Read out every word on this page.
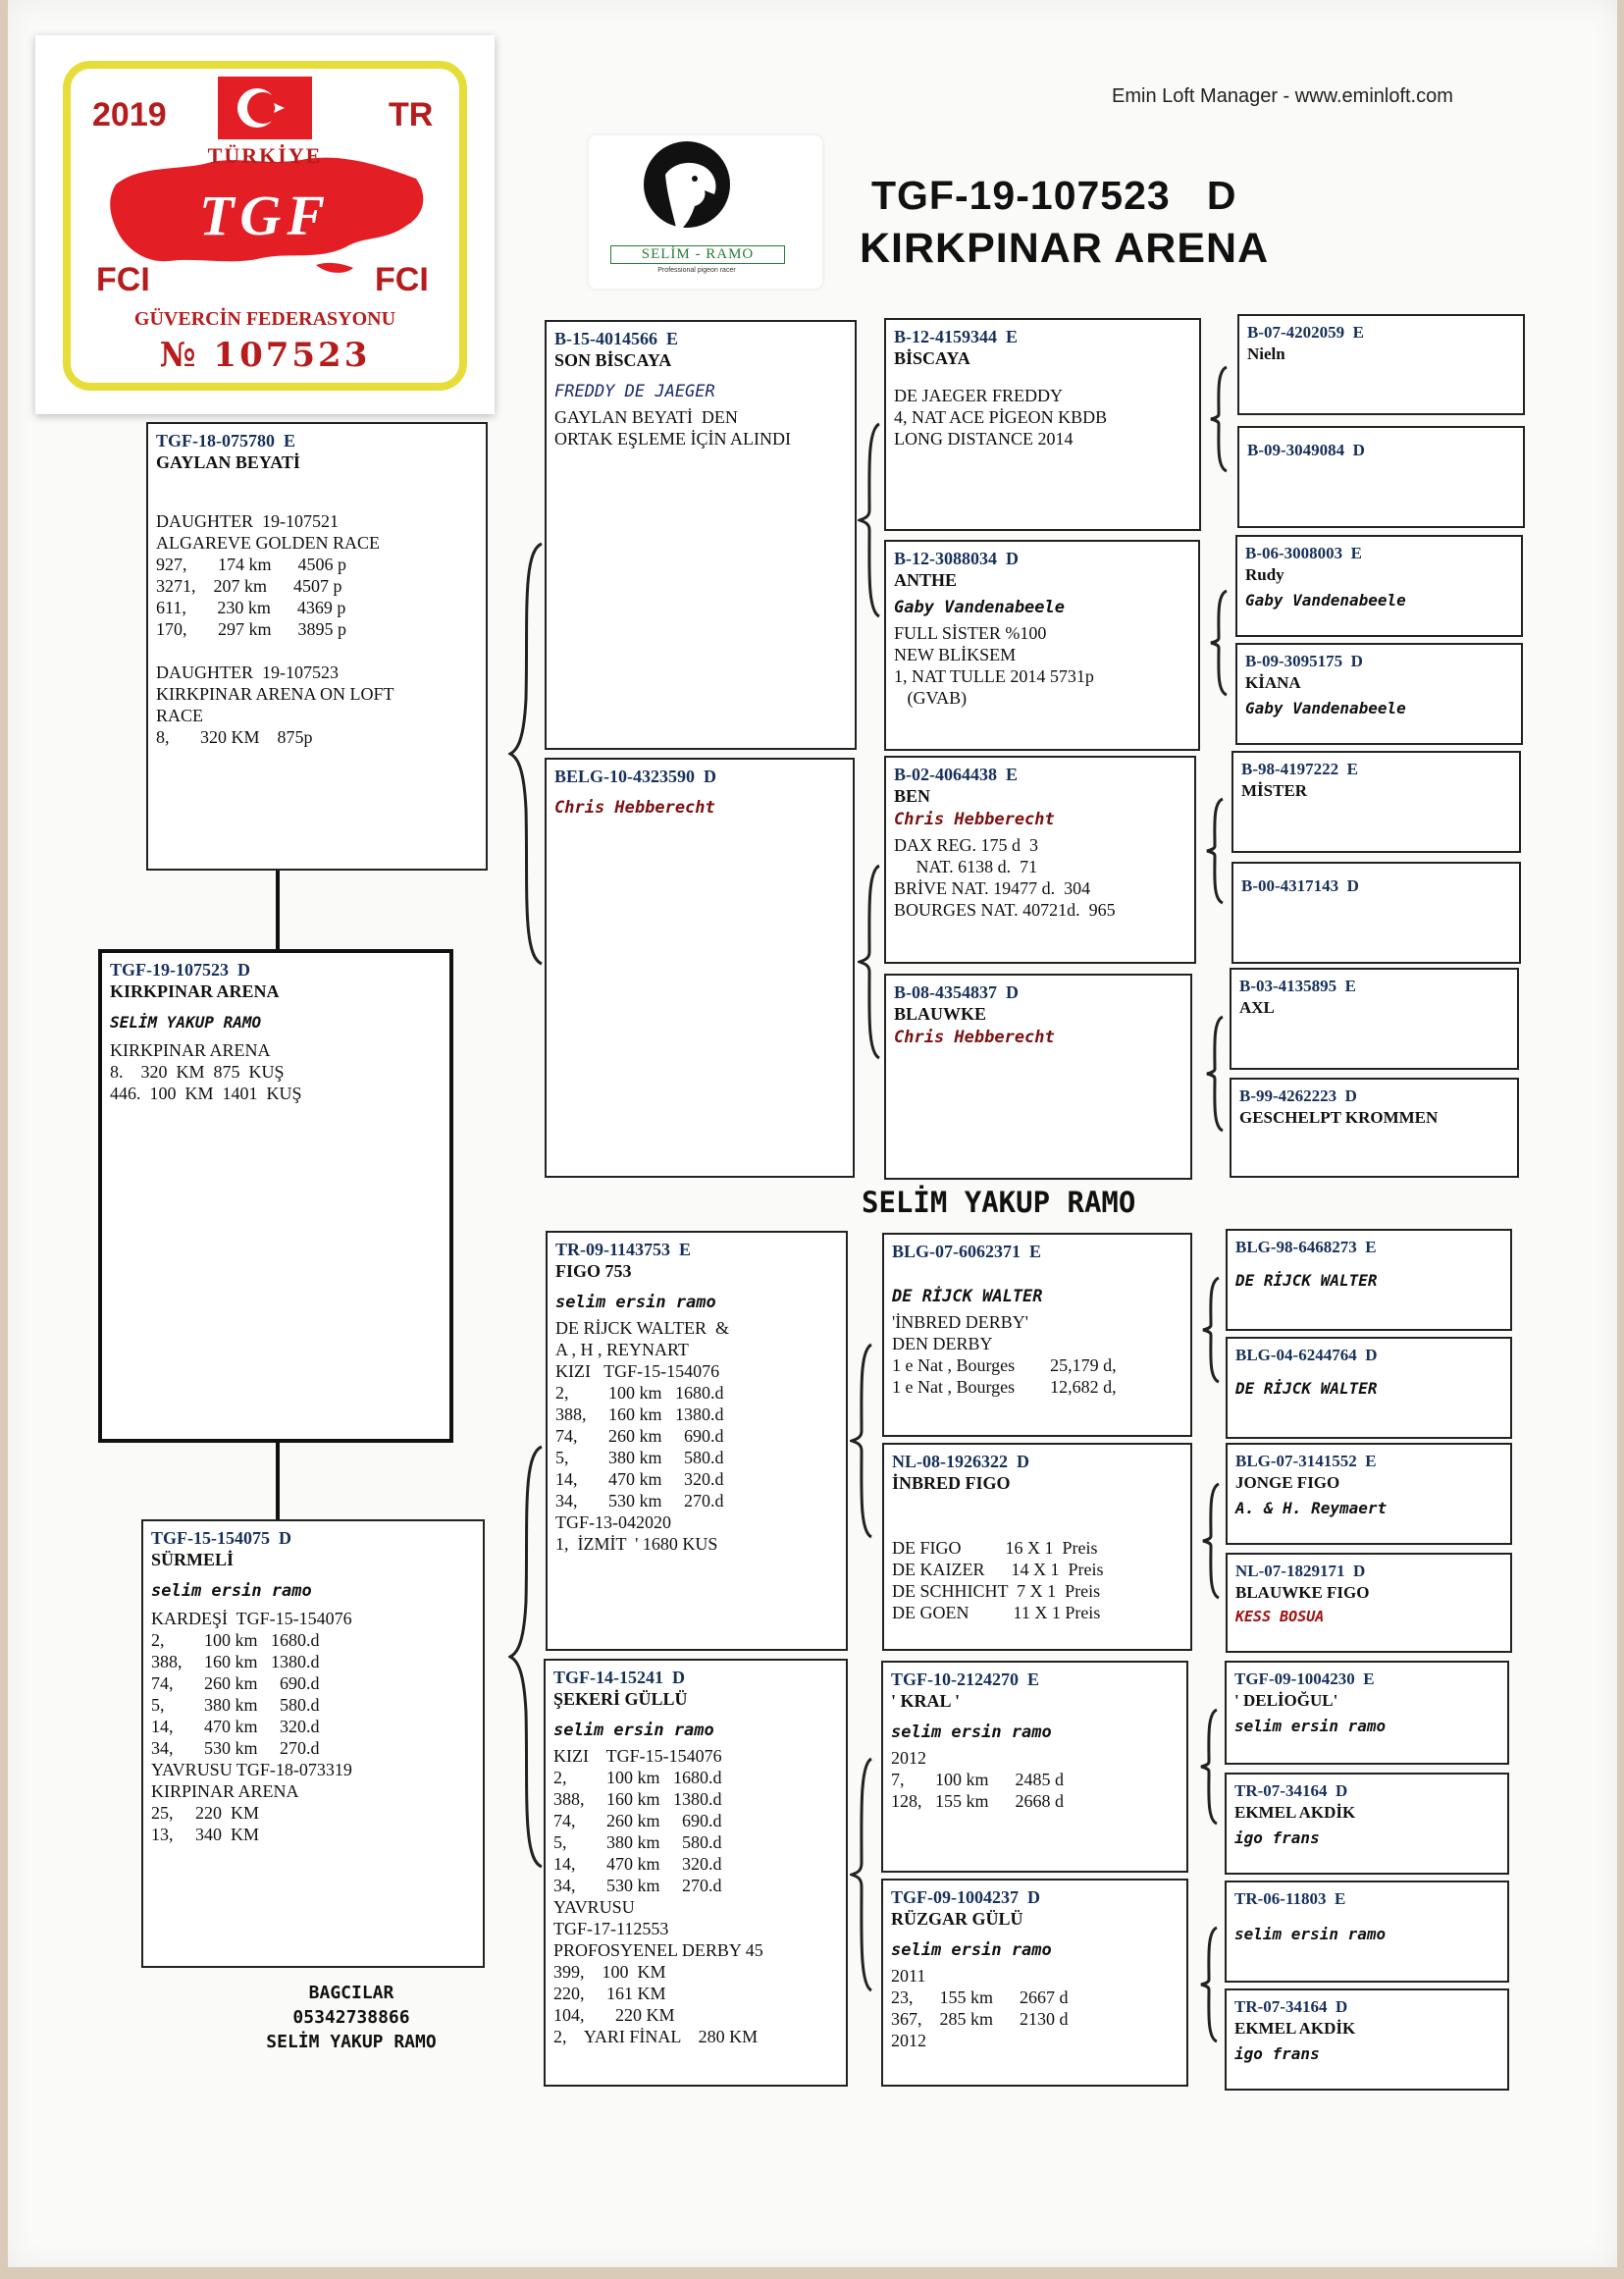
2019	TR
TÜRKİYE
TGF
FCI	FCI
GÜVERCİN FEDERASYONU
№ 107523
SELİM - RAMO
Professional pigeon racer
Emin Loft Manager - www.eminloft.com
TGF-19-107523   D
KIRKPINAR ARENA
TGF-18-075780  E
GAYLAN BEYATİ
DAUGHTER  19-107521
ALGAREVE GOLDEN RACE
927,       174 km      4506 p
3271,    207 km      4507 p
611,       230 km      4369 p
170,       297 km      3895 p

DAUGHTER  19-107523
KIRKPINAR ARENA ON LOFT
RACE
8,       320 KM    875p
TGF-19-107523  D
KIRKPINAR ARENA
SELİM YAKUP RAMO
KIRKPINAR ARENA
8.    320  KM  875  KUŞ
446.  100  KM  1401  KUŞ
TGF-15-154075  D
SÜRMELİ
selim ersin ramo
KARDEŞİ  TGF-15-154076
2,         100 km   1680.d
388,     160 km   1380.d
74,       260 km     690.d
5,         380 km     580.d
14,       470 km     320.d
34,       530 km     270.d
YAVRUSU TGF-18-073319
KIRPINAR ARENA
25,     220  KM
13,     340  KM
BAGCILAR
05342738866
SELİM YAKUP RAMO
B-15-4014566  E
SON BİSCAYA
FREDDY DE JAEGER
GAYLAN BEYATİ  DEN
ORTAK EŞLEME İÇİN ALINDI
BELG-10-4323590  D
Chris Hebberecht
SELİM YAKUP RAMO
TR-09-1143753  E
FIGO 753
selim ersin ramo
DE RİJCK WALTER  &
A , H , REYNART
KIZI   TGF-15-154076
2,         100 km   1680.d
388,     160 km   1380.d
74,       260 km     690.d
5,         380 km     580.d
14,       470 km     320.d
34,       530 km     270.d
TGF-13-042020
1,  İZMİT  ' 1680 KUS
TGF-14-15241  D
ŞEKERİ GÜLLÜ
selim ersin ramo
KIZI    TGF-15-154076
2,         100 km   1680.d
388,     160 km   1380.d
74,       260 km     690.d
5,         380 km     580.d
14,       470 km     320.d
34,       530 km     270.d
YAVRUSU
TGF-17-112553
PROFOSYENEL DERBY 45
399,    100  KM
220,     161 KM
104,       220 KM
2,    YARI FİNAL    280 KM
B-12-4159344  E
BİSCAYA
DE JAEGER FREDDY
4, NAT ACE PİGEON KBDB
LONG DISTANCE 2014
B-12-3088034  D
ANTHE
Gaby Vandenabeele
FULL SİSTER %100
NEW BLİKSEM
1, NAT TULLE 2014 5731p
(GVAB)
B-02-4064438  E
BEN
Chris Hebberecht
DAX REG. 175 d  3
NAT. 6138 d.  71
BRİVE NAT. 19477 d.  304
BOURGES NAT. 40721d.  965
B-08-4354837  D
BLAUWKE
Chris Hebberecht
BLG-07-6062371  E
DE RİJCK WALTER
'İNBRED DERBY'
DEN DERBY
1 e Nat , Bourges        25,179 d,
1 e Nat , Bourges        12,682 d,
NL-08-1926322  D
İNBRED FIGO
DE FIGO          16 X 1  Preis
DE KAIZER      14 X 1  Preis
DE SCHHICHT  7 X 1  Preis
DE GOEN          11 X 1 Preis
TGF-10-2124270  E
' KRAL '
selim ersin ramo
2012
7,       100 km      2485 d
128,   155 km      2668 d
TGF-09-1004237  D
RÜZGAR GÜLÜ
selim ersin ramo
2011
23,      155 km      2667 d
367,    285 km      2130 d
2012
B-07-4202059  E
Nieln
B-09-3049084  D
B-06-3008003  E
Rudy
Gaby Vandenabeele
B-09-3095175  D
KİANA
Gaby Vandenabeele
B-98-4197222  E
MİSTER
B-00-4317143  D
B-03-4135895  E
AXL
B-99-4262223  D
GESCHELPT KROMMEN
BLG-98-6468273  E
DE RİJCK WALTER
BLG-04-6244764  D
DE RİJCK WALTER
BLG-07-3141552  E
JONGE FIGO
A. & H. Reymaert
NL-07-1829171  D
BLAUWKE FIGO
KESS BOSUA
TGF-09-1004230  E
' DELİOĞUL'
selim ersin ramo
TR-07-34164  D
EKMEL AKDİK
igo frans
TR-06-11803  E
selim ersin ramo
TR-07-34164  D
EKMEL AKDİK
igo frans
